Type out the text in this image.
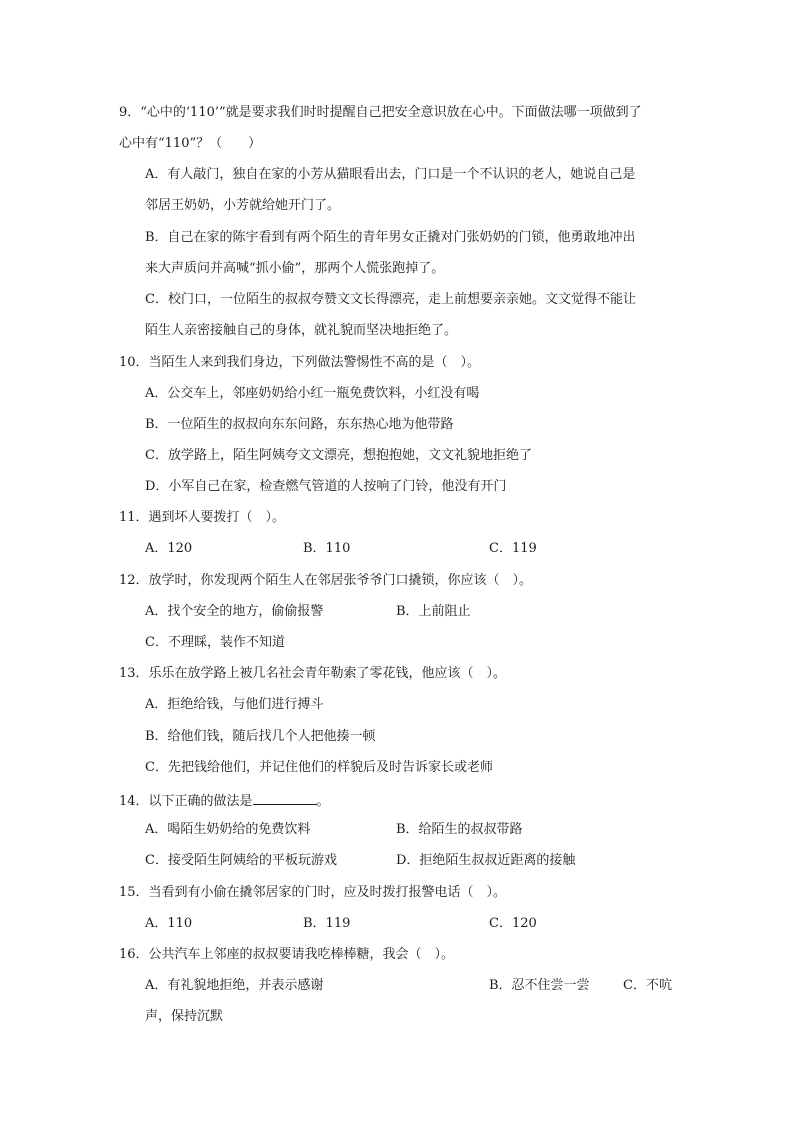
9．“心中的‘110’”就是要求我们时时提醒自己把安全意识放在心中。下面做法哪一项做到了
心中有“110”？（　　）
A．有人敲门，独自在家的小芳从猫眼看出去，门口是一个不认识的老人，她说自己是
邻居王奶奶，小芳就给她开门了。
B．自己在家的陈宇看到有两个陌生的青年男女正撬对门张奶奶的门锁，他勇敢地冲出
来大声质问并高喊“抓小偷”，那两个人慌张跑掉了。
C．校门口，一位陌生的叔叔夸赞文文长得漂亮，走上前想要亲亲她。文文觉得不能让
陌生人亲密接触自己的身体，就礼貌而坚决地拒绝了。
10．当陌生人来到我们身边，下列做法警惕性不高的是（　）。
A．公交车上，邻座奶奶给小红一瓶免费饮料，小红没有喝
B．一位陌生的叔叔向东东问路，东东热心地为他带路
C．放学路上，陌生阿姨夸文文漂亮，想抱抱她，文文礼貌地拒绝了
D．小军自己在家，检查燃气管道的人按响了门铃，他没有开门
11．遇到坏人要拨打（　）。
A．120	B．110	C．119
12．放学时，你发现两个陌生人在邻居张爷爷门口撬锁，你应该（　）。
A．找个安全的地方，偷偷报警	B．上前阻止
C．不理睬，装作不知道
13．乐乐在放学路上被几名社会青年勒索了零花钱，他应该（　）。
A．拒绝给钱，与他们进行搏斗
B．给他们钱，随后找几个人把他揍一顿
C．先把钱给他们，并记住他们的样貌后及时告诉家长或老师
14．以下正确的做法是	。
A．喝陌生奶奶给的免费饮料	B．给陌生的叔叔带路
C．接受陌生阿姨给的平板玩游戏	D．拒绝陌生叔叔近距离的接触
15．当看到有小偷在撬邻居家的门时，应及时拨打报警电话（　）。
A．110	B．119	C．120
16．公共汽车上邻座的叔叔要请我吃棒棒糖，我会（　）。
A．有礼貌地拒绝，并表示感谢	B．忍不住尝一尝	C．不吭
声，保持沉默
